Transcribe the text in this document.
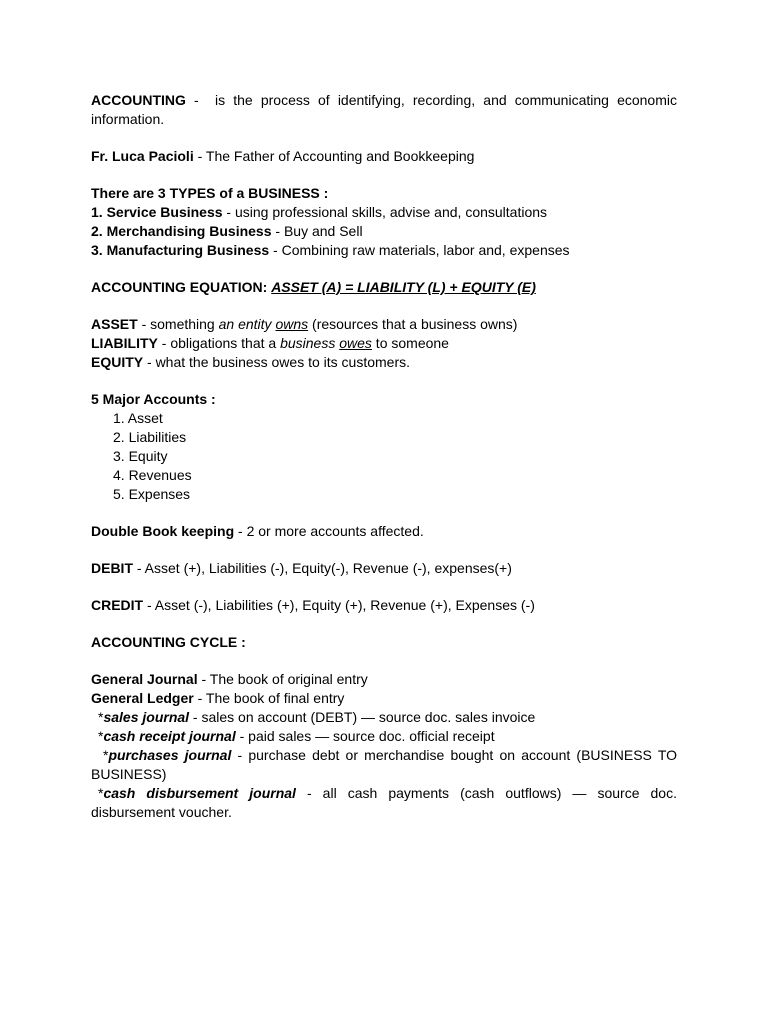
ACCOUNTING -  is the process of identifying, recording, and communicating economic information.
Fr. Luca Pacioli - The Father of Accounting and Bookkeeping
There are 3 TYPES of a BUSINESS :
1. Service Business - using professional skills, advise and, consultations
2. Merchandising Business - Buy and Sell
3. Manufacturing Business - Combining raw materials, labor and, expenses
ACCOUNTING EQUATION: ASSET (A) = LIABILITY (L) + EQUITY (E)
ASSET - something an entity owns (resources that a business owns)
LIABILITY - obligations that a business owes to someone
EQUITY - what the business owes to its customers.
5 Major Accounts :
1. Asset
2. Liabilities
3. Equity
4. Revenues
5. Expenses
Double Book keeping - 2 or more accounts affected.
DEBIT - Asset (+), Liabilities (-), Equity(-), Revenue (-), expenses(+)
CREDIT - Asset (-), Liabilities (+), Equity (+), Revenue (+), Expenses (-)
ACCOUNTING CYCLE :
General Journal - The book of original entry
General Ledger - The book of final entry
*sales journal - sales on account (DEBT) — source doc. sales invoice
*cash receipt journal - paid sales — source doc. official receipt
*purchases journal - purchase debt or merchandise bought on account (BUSINESS TO BUSINESS)
*cash disbursement journal - all cash payments (cash outflows) — source doc. disbursement voucher.
